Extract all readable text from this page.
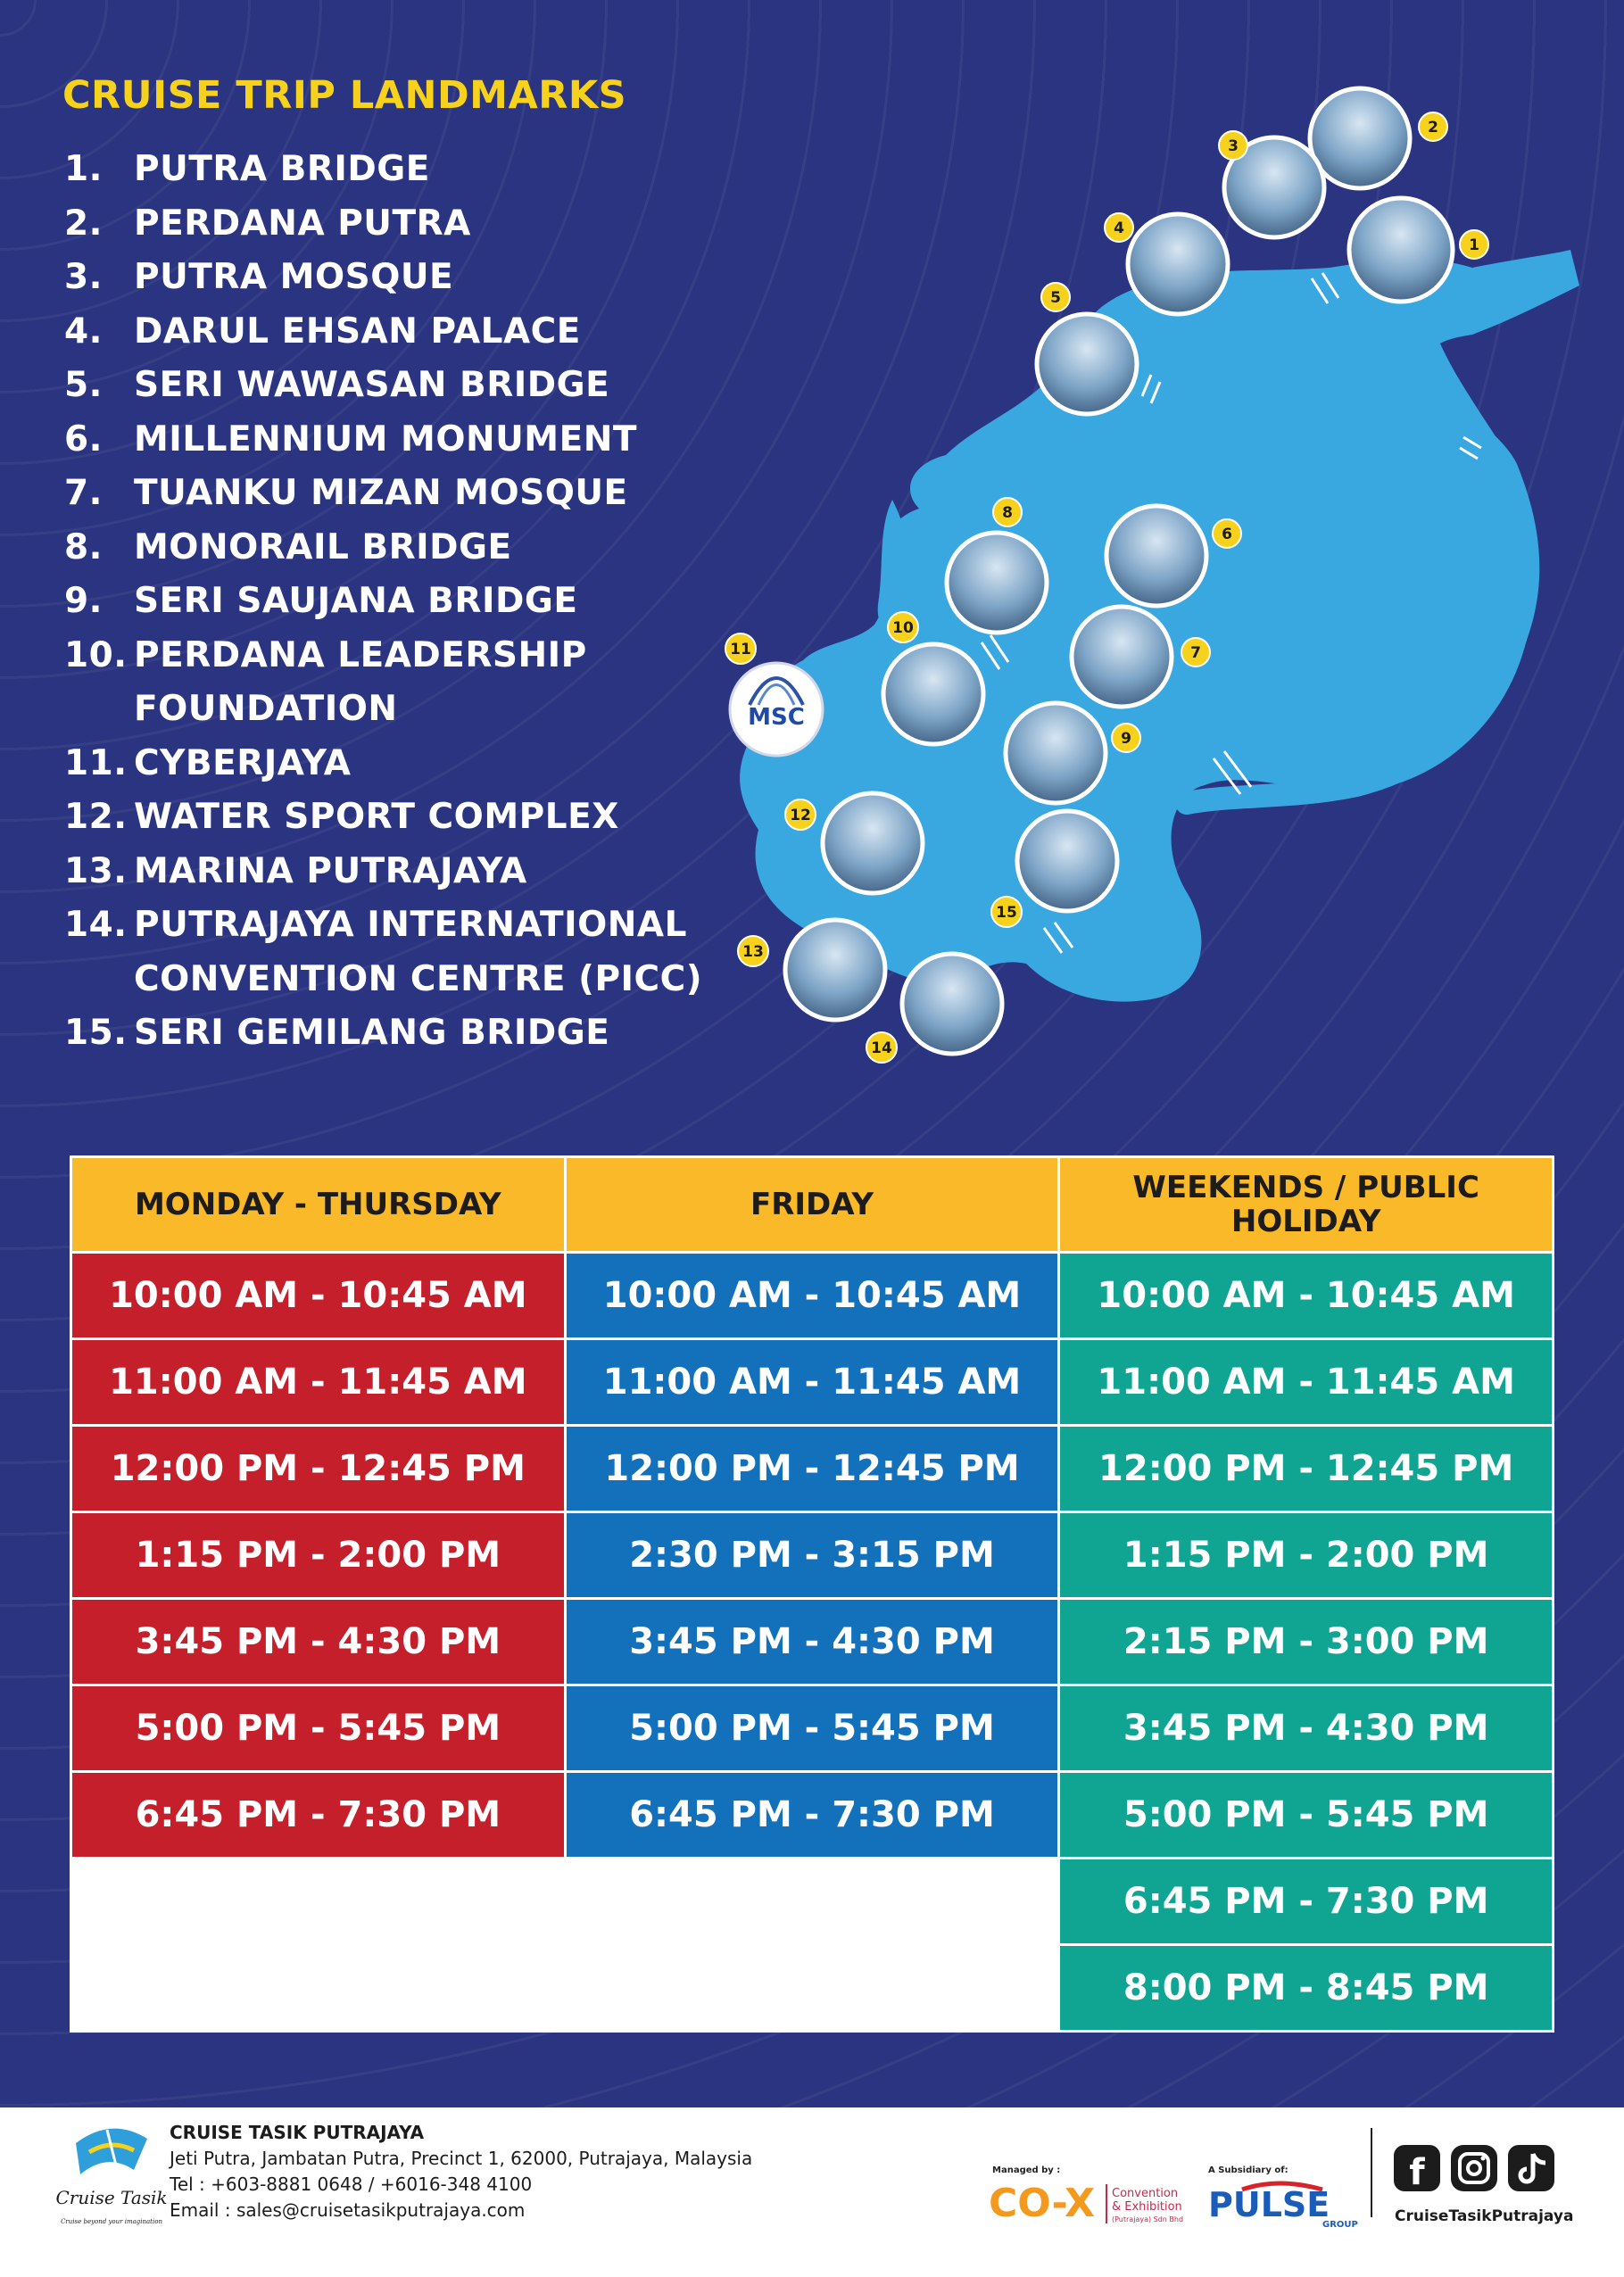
CRUISE TRIP LANDMARKS
1. PUTRA BRIDGE
2. PERDANA PUTRA
3. PUTRA MOSQUE
4. DARUL EHSAN PALACE
5. SERI WAWASAN BRIDGE
6. MILLENNIUM MONUMENT
7. TUANKU MIZAN MOSQUE
8. MONORAIL BRIDGE
9. SERI SAUJANA BRIDGE
10. PERDANA LEADERSHIP FOUNDATION
11. CYBERJAYA
12. WATER SPORT COMPLEX
13. MARINA PUTRAJAYA
14. PUTRAJAYA INTERNATIONAL CONVENTION CENTRE (PICC)
15. SERI GEMILANG BRIDGE
MSC
1
2
3
4
5
6
7
8
9
10
11
12
13
14
15
MONDAY - THURSDAY	FRIDAY	WEEKENDS / PUBLIC HOLIDAY
10:00 AM - 10:45 AM	10:00 AM - 10:45 AM	10:00 AM - 10:45 AM
11:00 AM - 11:45 AM	11:00 AM - 11:45 AM	11:00 AM - 11:45 AM
12:00 PM - 12:45 PM	12:00 PM - 12:45 PM	12:00 PM - 12:45 PM
1:15 PM - 2:00 PM	2:30 PM - 3:15 PM	1:15 PM - 2:00 PM
3:45 PM - 4:30 PM	3:45 PM - 4:30 PM	2:15 PM - 3:00 PM
5:00 PM - 5:45 PM	5:00 PM - 5:45 PM	3:45 PM - 4:30 PM
6:45 PM - 7:30 PM	6:45 PM - 7:30 PM	5:00 PM - 5:45 PM
N/A	N/A	6:45 PM - 7:30 PM
N/A	N/A	8:00 PM - 8:45 PM
Cruise Tasik
Cruise beyond your imagination
CRUISE TASIK PUTRAJAYA
Jeti Putra, Jambatan Putra, Precinct 1, 62000, Putrajaya, Malaysia
Tel : +603-8881 0648 / +6016-348 4100
Email : sales@cruisetasikputrajaya.com
Managed by :
CO-X Convention
& Exhibition
(Putrajaya) Sdn Bhd
A Subsidiary of:
PULSE
GROUP
f
CruiseTasikPutrajaya
